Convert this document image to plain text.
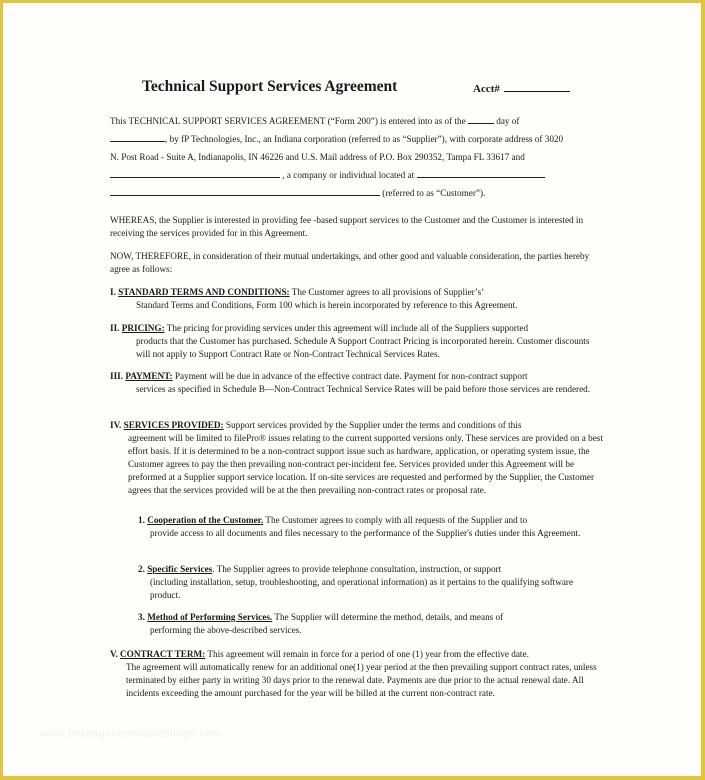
Technical Support Services Agreement	Acct#
This TECHNICAL SUPPORT SERVICES AGREEMENT (“Form 200”) is entered into as of the	day of
, by fP Technologies, Inc., an Indiana corporation (referred to as “Supplier”), with corporate address of 3020
N. Post Road - Suite A, Indianapolis, IN 46226 and U.S. Mail address of P.O. Box 290352, Tampa FL 33617 and
, a company or individual located at
(referred to as “Customer”).
WHEREAS, the Supplier is interested in providing fee -based support services to the Customer and the Customer is interested in receiving the services provided for in this Agreement.
NOW, THEREFORE, in consideration of their mutual undertakings, and other good and valuable consideration, the parties hereby agree as follows:
I. STANDARD TERMS AND CONDITIONS: The Customer agrees to all provisions of Supplier’s’
Standard Terms and Conditions, Form 100 which is herein incorporated by reference to this Agreement.
II. PRICING: The pricing for providing services under this agreement will include all of the Suppliers supported
products that the Customer has purchased. Schedule A Support Contract Pricing is incorporated herein. Customer discounts will not apply to Support Contract Rate or Non-Contract Technical Services Rates.
III. PAYMENT: Payment will be due in advance of the effective contract date. Payment for non-contract support
services as specified in Schedule B—Non-Contract Technical Service Rates will be paid before those services are rendered.
IV. SERVICES PROVIDED: Support services provided by the Supplier under the terms and conditions of this
agreement will be limited to filePro® issues relating to the current supported versions only. These services are provided on a best effort basis. If it is determined to be a non-contract support issue such as hardware, application, or operating system issue, the Customer agrees to pay the then prevailing non-contract per-incident fee. Services provided under this Agreement will be preformed at a Supplier support service location. If on-site services are requested and performed by the Supplier, the Customer agrees that the services provided will be at the then prevailing non-contract rates or proposal rate.
1. Cooperation of the Customer. The Customer agrees to comply with all requests of the Supplier and to
provide access to all documents and files necessary to the performance of the Supplier's duties under this Agreement.
2. Specific Services. The Supplier agrees to provide telephone consultation, instruction, or support
(including installation, setup, troubleshooting, and operational information) as it pertains to the qualifying software product.
3. Method of Performing Services. The Supplier will determine the method, details, and means of
performing the above-described services.
V. CONTRACT TERM: This agreement will remain in force for a period of one (1) year from the effective date.
The agreement will automatically renew for an additional one(1) year period at the then prevailing support contract rates, unless terminated by either party in writing 30 days prior to the renewal date. Payments are due prior to the actual renewal date. All incidents exceeding the amount purchased for the year will be billed at the current non-contract rate.
www.heritagechristiancollege.com
